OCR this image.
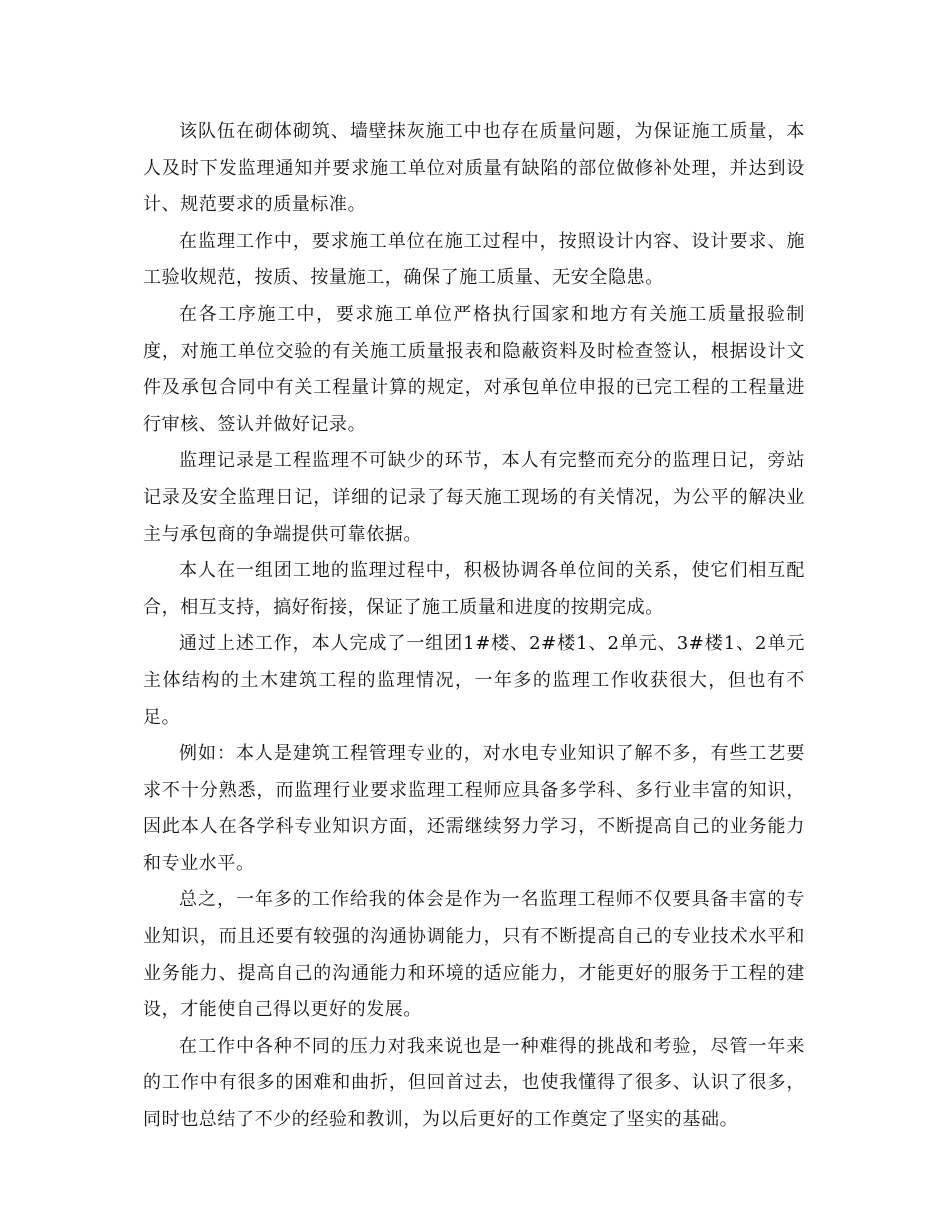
该队伍在砌体砌筑、墙壁抹灰施工中也存在质量问题，为保证施工质量，本人及时下发监理通知并要求施工单位对质量有缺陷的部位做修补处理，并达到设计、规范要求的质量标准。

在监理工作中，要求施工单位在施工过程中，按照设计内容、设计要求、施工验收规范，按质、按量施工，确保了施工质量、无安全隐患。

在各工序施工中，要求施工单位严格执行国家和地方有关施工质量报验制度，对施工单位交验的有关施工质量报表和隐蔽资料及时检查签认，根据设计文件及承包合同中有关工程量计算的规定，对承包单位申报的已完工程的工程量进行审核、签认并做好记录。

监理记录是工程监理不可缺少的环节，本人有完整而充分的监理日记，旁站记录及安全监理日记，详细的记录了每天施工现场的有关情况，为公平的解决业主与承包商的争端提供可靠依据。

本人在一组团工地的监理过程中，积极协调各单位间的关系，使它们相互配合，相互支持，搞好衔接，保证了施工质量和进度的按期完成。

通过上述工作，本人完成了一组团1#楼、2#楼1、2单元、3#楼1、2单元主体结构的土木建筑工程的监理情况，一年多的监理工作收获很大，但也有不足。

例如：本人是建筑工程管理专业的，对水电专业知识了解不多，有些工艺要求不十分熟悉，而监理行业要求监理工程师应具备多学科、多行业丰富的知识，因此本人在各学科专业知识方面，还需继续努力学习，不断提高自己的业务能力和专业水平。

总之，一年多的工作给我的体会是作为一名监理工程师不仅要具备丰富的专业知识，而且还要有较强的沟通协调能力，只有不断提高自己的专业技术水平和业务能力、提高自己的沟通能力和环境的适应能力，才能更好的服务于工程的建设，才能使自己得以更好的发展。

在工作中各种不同的压力对我来说也是一种难得的挑战和考验，尽管一年来的工作中有很多的困难和曲折，但回首过去，也使我懂得了很多、认识了很多，同时也总结了不少的经验和教训，为以后更好的工作奠定了坚实的基础。
